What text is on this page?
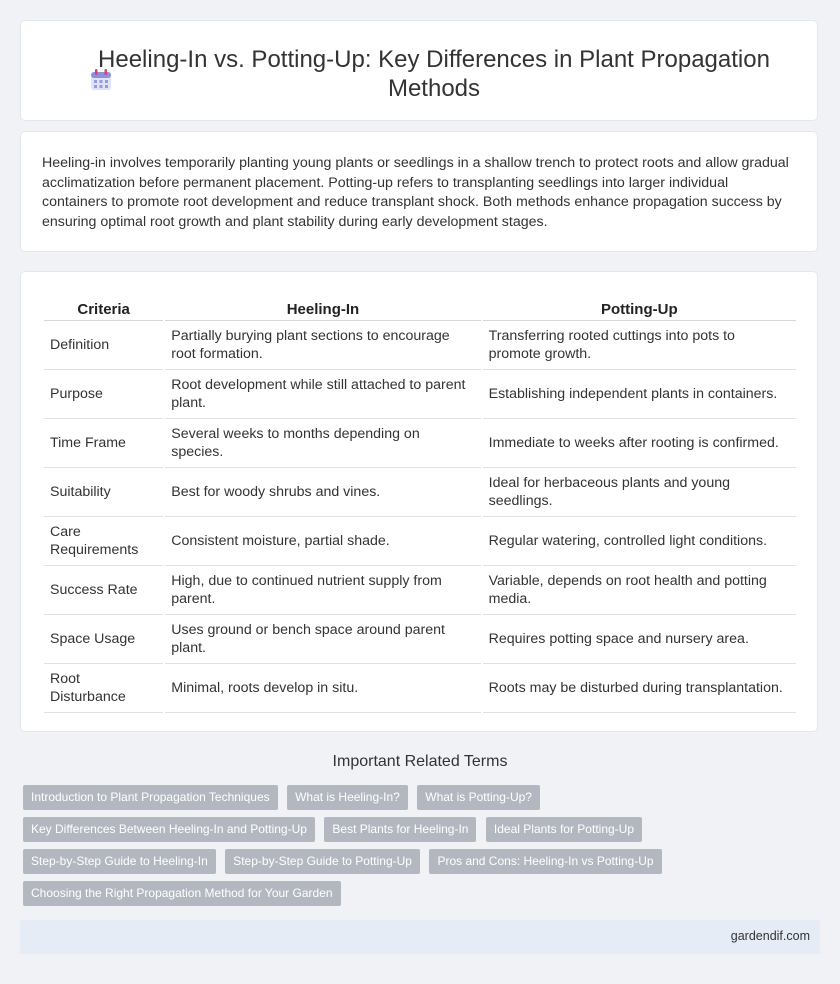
Heeling-In vs. Potting-Up: Key Differences in Plant Propagation Methods

Heeling-in involves temporarily planting young plants or seedlings in a shallow trench to protect roots and allow gradual acclimatization before permanent placement. Potting-up refers to transplanting seedlings into larger individual containers to promote root development and reduce transplant shock. Both methods enhance propagation success by ensuring optimal root growth and plant stability during early development stages.

Criteria	Heeling-In	Potting-Up
Definition	Partially burying plant sections to encourage root formation.	Transferring rooted cuttings into pots to promote growth.
Purpose	Root development while still attached to parent plant.	Establishing independent plants in containers.
Time Frame	Several weeks to months depending on species.	Immediate to weeks after rooting is confirmed.
Suitability	Best for woody shrubs and vines.	Ideal for herbaceous plants and young seedlings.
Care Requirements	Consistent moisture, partial shade.	Regular watering, controlled light conditions.
Success Rate	High, due to continued nutrient supply from parent.	Variable, depends on root health and potting media.
Space Usage	Uses ground or bench space around parent plant.	Requires potting space and nursery area.
Root Disturbance	Minimal, roots develop in situ.	Roots may be disturbed during transplantation.
Important Related Terms
Introduction to Plant Propagation Techniques What is Heeling-In? What is Potting-Up?
Key Differences Between Heeling-In and Potting-Up Best Plants for Heeling-In Ideal Plants for Potting-Up
Step-by-Step Guide to Heeling-In Step-by-Step Guide to Potting-Up Pros and Cons: Heeling-In vs Potting-Up
Choosing the Right Propagation Method for Your Garden
gardendif.com
